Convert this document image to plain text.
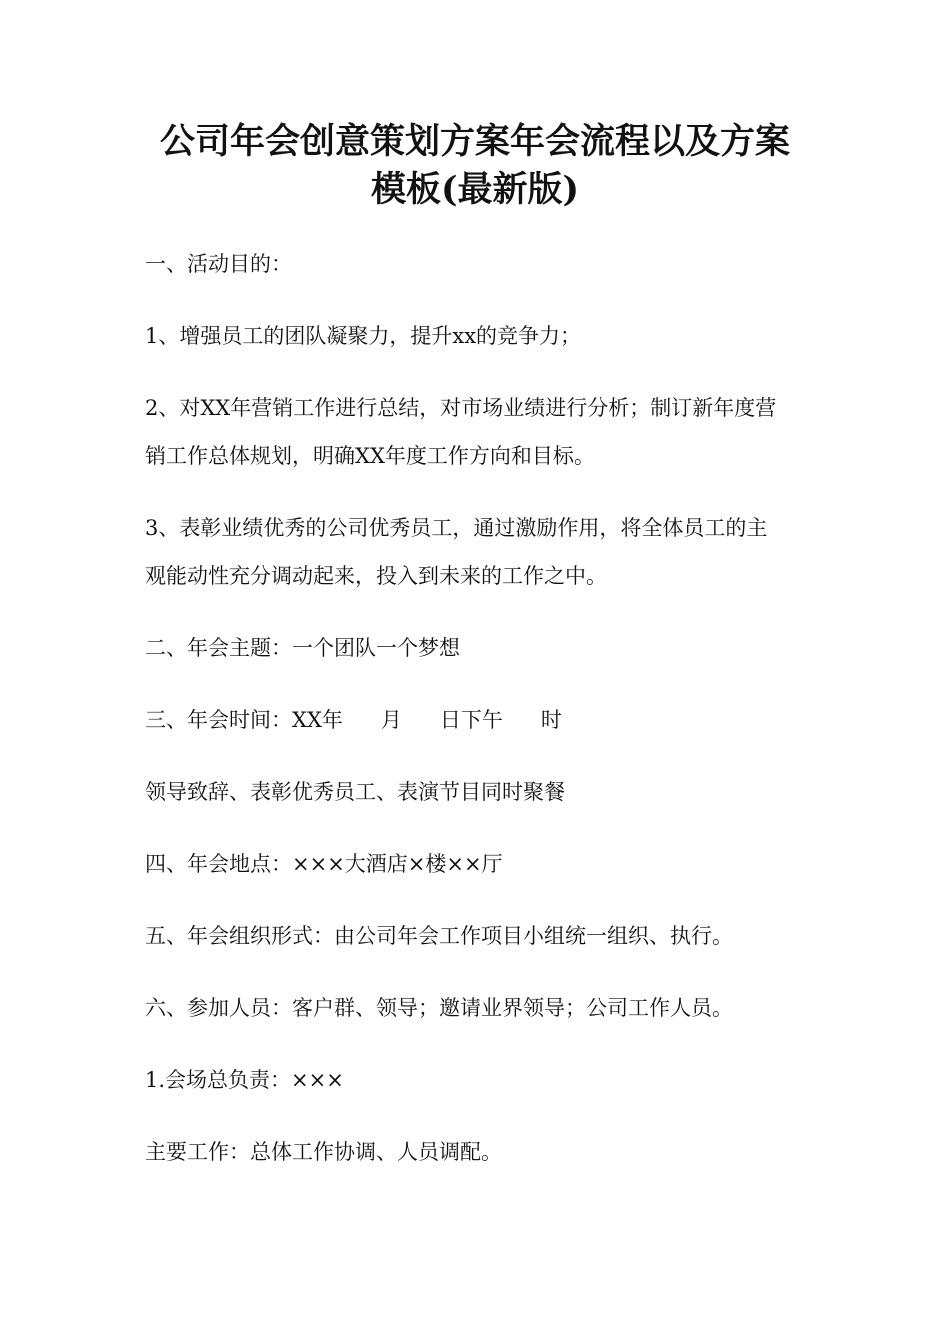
公司年会创意策划方案年会流程以及方案
模板(最新版)

一、活动目的：

1、增强员工的团队凝聚力，提升xx的竞争力；

2、对XX年营销工作进行总结，对市场业绩进行分析；制订新年度营

销工作总体规划，明确XX年度工作方向和目标。

3、表彰业绩优秀的公司优秀员工，通过激励作用，将全体员工的主

观能动性充分调动起来，投入到未来的工作之中。

二、年会主题：一个团队一个梦想

三、年会时间：XX年 月 日下午 时

领导致辞、表彰优秀员工、表演节目同时聚餐

四、年会地点：×××大酒店×楼××厅

五、年会组织形式：由公司年会工作项目小组统一组织、执行。

六、参加人员：客户群、领导；邀请业界领导；公司工作人员。

1.会场总负责：×××

主要工作：总体工作协调、人员调配。
